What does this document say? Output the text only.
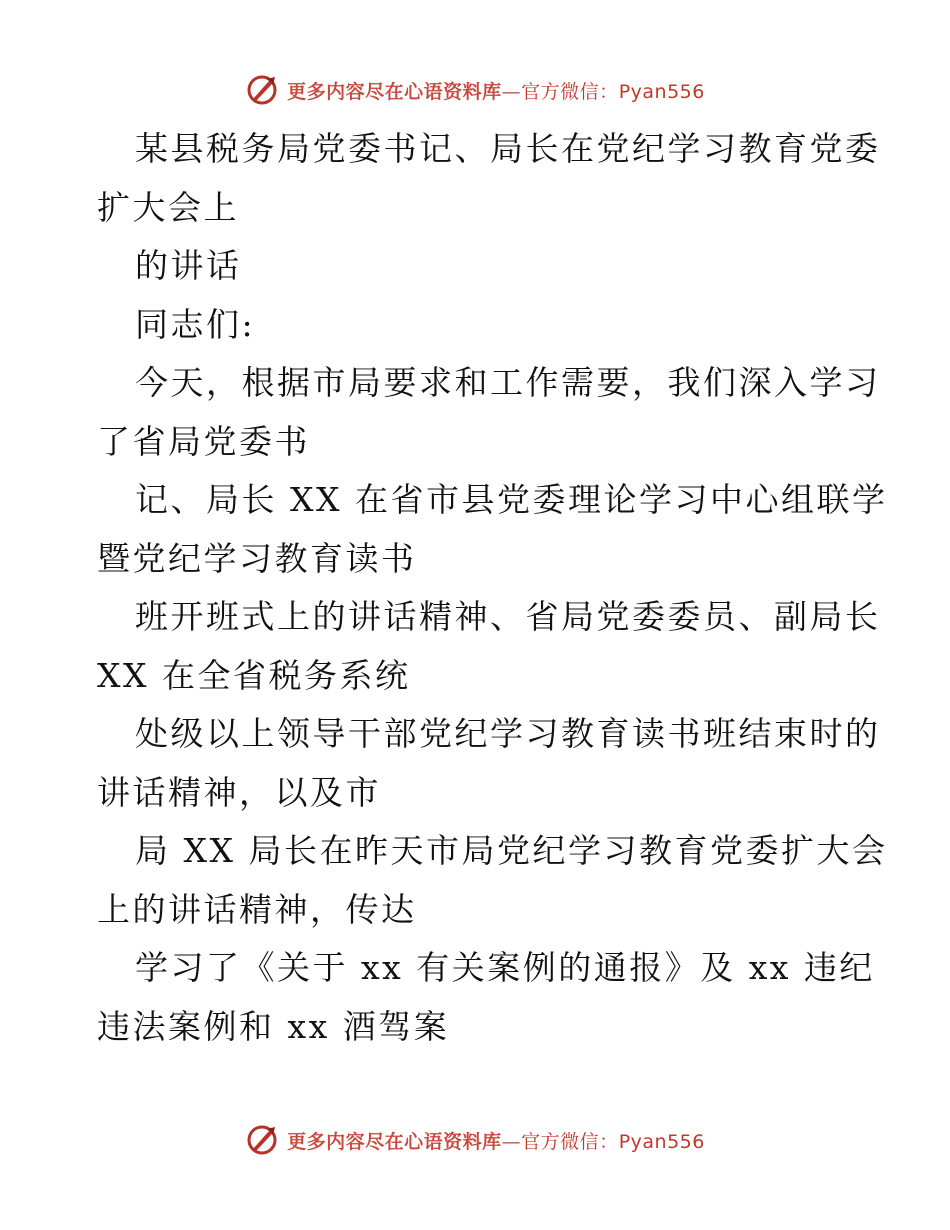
更多内容尽在心语资料库—官方微信：Pyan556
某县税务局党委书记、局长在党纪学习教育党委
扩大会上
的讲话
同志们:
今天，根据市局要求和工作需要，我们深入学习
了省局党委书
记、局长 XX 在省市县党委理论学习中心组联学
暨党纪学习教育读书
班开班式上的讲话精神、省局党委委员、副局长
XX 在全省税务系统
处级以上领导干部党纪学习教育读书班结束时的
讲话精神，以及市
局 XX 局长在昨天市局党纪学习教育党委扩大会
上的讲话精神，传达
学习了《关于 xx 有关案例的通报》及 xx 违纪
违法案例和 xx 酒驾案
更多内容尽在心语资料库—官方微信：Pyan556
